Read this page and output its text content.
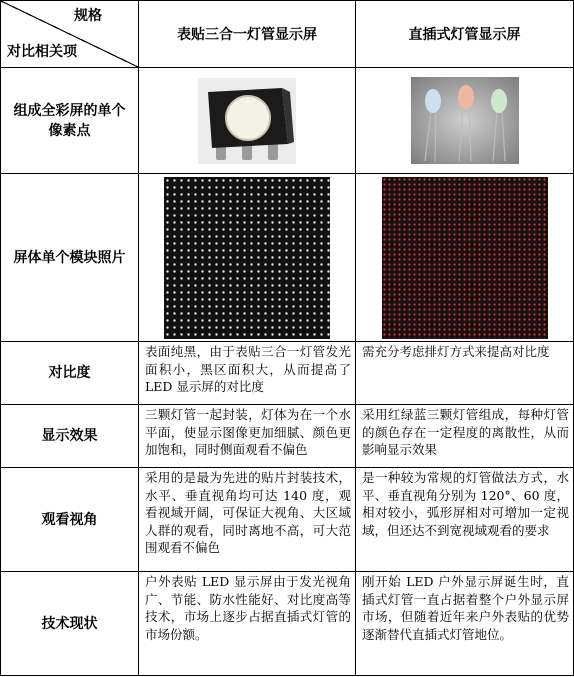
规格
对比相关项	表贴三合一灯管显示屏	直插式灯管显示屏
组成全彩屏的单个像素点		
屏体单个模块照片	

对比度	表面纯黑，由于表贴三合一灯管发光面积小，黑区面积大，从而提高了 LED 显示屏的对比度	需充分考虑排灯方式来提高对比度
显示效果	三颗灯管一起封装，灯体为在一个水平面，使显示图像更加细腻、颜色更加饱和，同时侧面观看不偏色	采用红绿蓝三颗灯管组成，每种灯管的颜色存在一定程度的离散性，从而影响显示效果
观看视角	采用的是最为先进的贴片封装技术，水平、垂直视角均可达 140 度，观看视域开阔，可保证大视角、大区域人群的观看，同时离地不高，可大范围观看不偏色	是一种较为常规的灯管做法方式，水平、垂直视角分别为 120°、60 度，相对较小，弧形屏相对可增加一定视域，但还达不到宽视域观看的要求
技术现状	户外表贴 LED 显示屏由于发光视角广、节能、防水性能好、对比度高等技术，市场上逐步占据直插式灯管的市场份额。	刚开始 LED 户外显示屏诞生时，直插式灯管一直占据着整个户外显示屏市场，但随着近年来户外表贴的优势逐渐替代直插式灯管地位。
